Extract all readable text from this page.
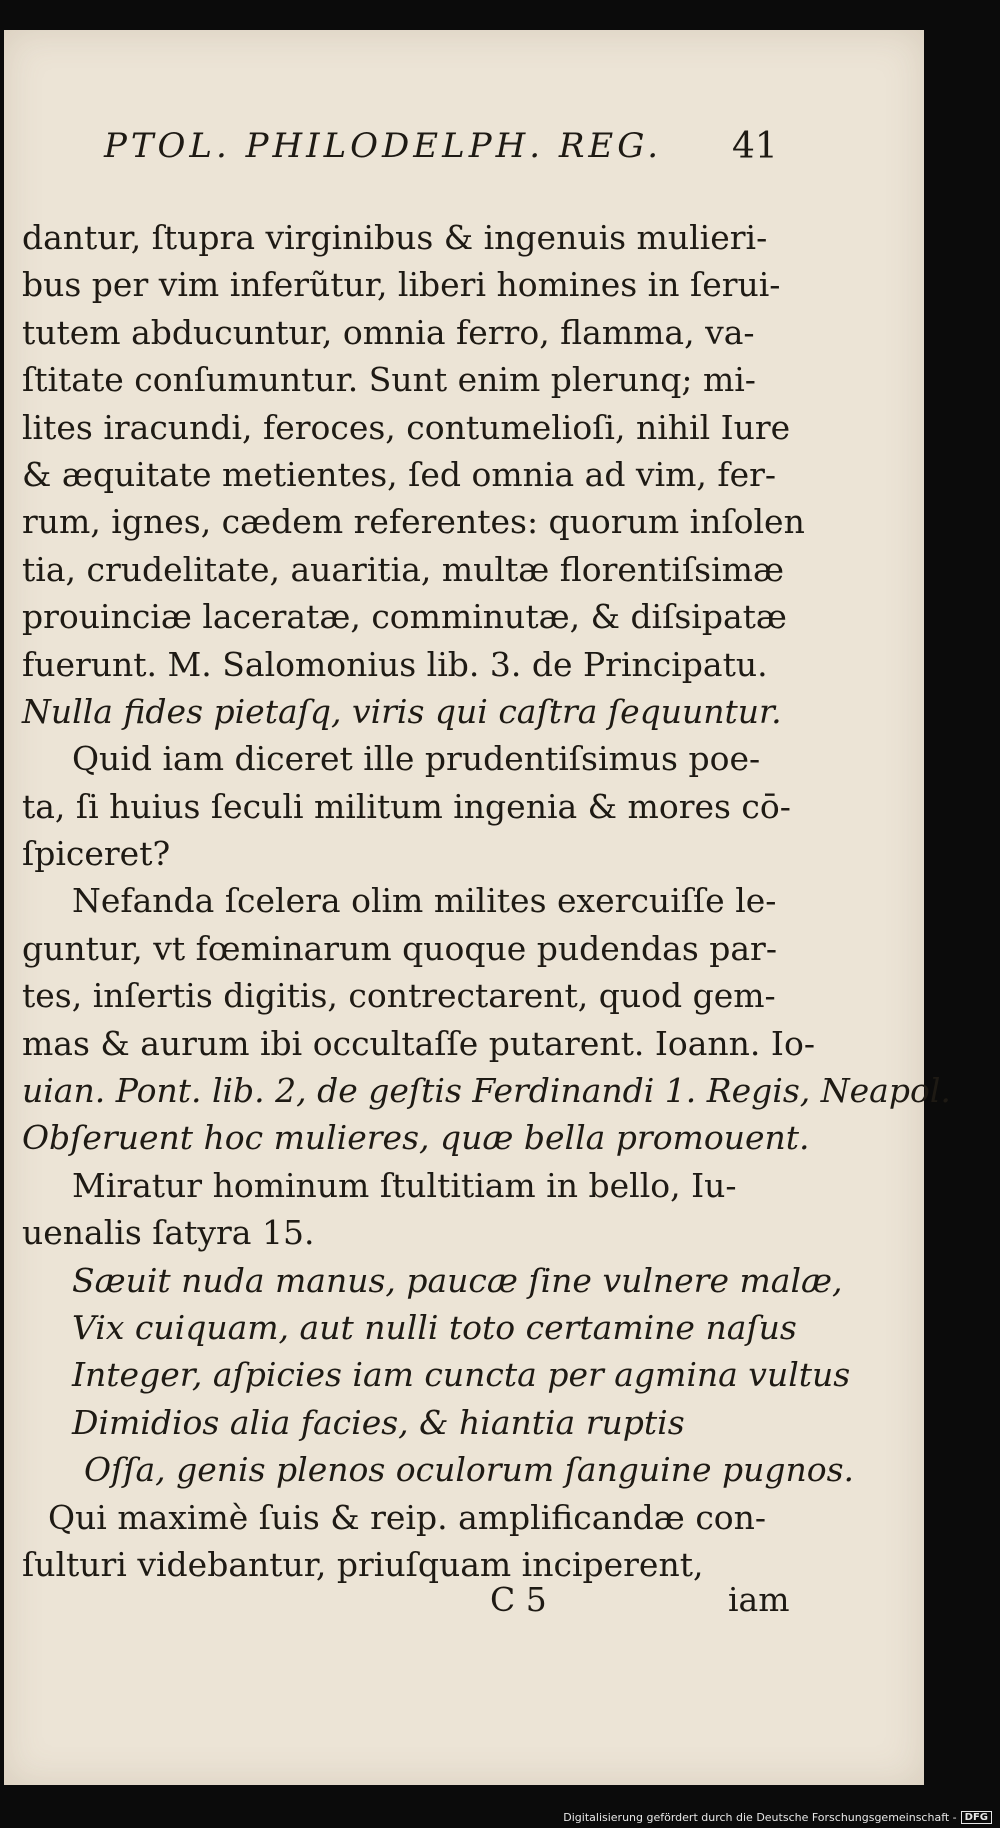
PTOL. PHILODELPH. REG.	41
dantur, ſtupra virginibus & ingenuis mulieri-
bus per vim inferũtur, liberi homines in ſerui-
tutem abducuntur, omnia ferro, flamma, va-
ſtitate conſumuntur. Sunt enim plerunq; mi-
lites iracundi, feroces, contumelioſi, nihil Iure
& æquitate metientes, ſed omnia ad vim, fer-
rum, ignes, cædem referentes: quorum inſolen
tia, crudelitate, auaritia, multæ florentiſsimæ
prouinciæ laceratæ, comminutæ, & diſsipatæ
fuerunt. M. Salomonius lib. 3. de Principatu.
Nulla fides pietaſq, viris qui caſtra ſequuntur.
Quid iam diceret ille prudentiſsimus poe-
ta, ſi huius ſeculi militum ingenia & mores cō-
ſpiceret?
Nefanda ſcelera olim milites exercuiſſe le-
guntur, vt fœminarum quoque pudendas par-
tes, inſertis digitis, contrectarent, quod gem-
mas & aurum ibi occultaſſe putarent. Ioann. Io-
uian. Pont. lib. 2, de geſtis Ferdinandi 1. Regis, Neapol.
Obſeruent hoc mulieres, quæ bella promouent.
Miratur hominum ſtultitiam in bello, Iu-
uenalis ſatyra 15.
Sæuit nuda manus, paucæ ſine vulnere malæ,
Vix cuiquam, aut nulli toto certamine naſus
Integer, aſpicies iam cuncta per agmina vultus
Dimidios alia facies, & hiantia ruptis
Oſſa, genis plenos oculorum ſanguine pugnos.
Qui maximè ſuis & reip. amplificandæ con-
ſulturi videbantur, priuſquam inciperent,
C 5	iam
Digitalisierung gefördert durch die Deutsche Forschungsgemeinschaft - DFG
